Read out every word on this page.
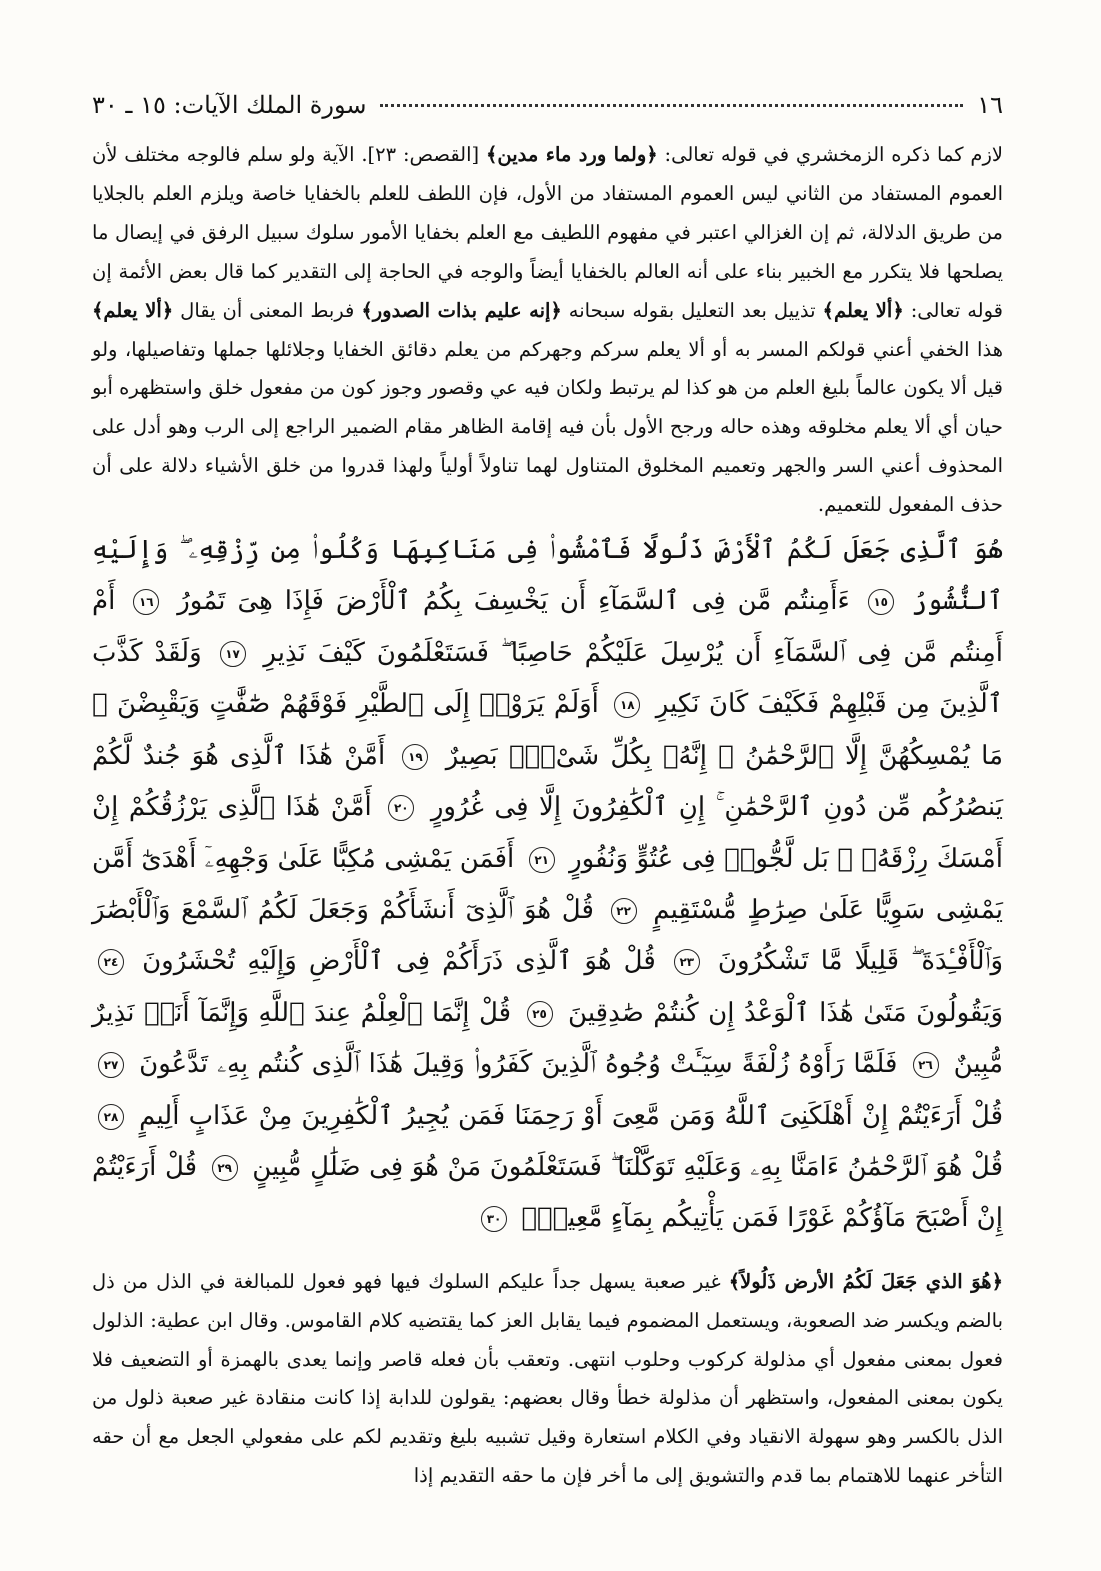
١٦
سورة الملك الآيات: ١٥ ـ ٣٠

لازم كما ذكره الزمخشري في قوله تعالى: ﴿ولما ورد ماء مدين﴾ [القصص: ٢٣]. الآية ولو سلم فالوجه مختلف لأن العموم المستفاد من الثاني ليس العموم المستفاد من الأول، فإن اللطف للعلم بالخفايا خاصة ويلزم العلم بالجلايا من طريق الدلالة، ثم إن الغزالي اعتبر في مفهوم اللطيف مع العلم بخفايا الأمور سلوك سبيل الرفق في إيصال ما يصلحها فلا يتكرر مع الخبير بناء على أنه العالم بالخفايا أيضاً والوجه في الحاجة إلى التقدير كما قال بعض الأئمة إن قوله تعالى: ﴿ألا يعلم﴾ تذييل بعد التعليل بقوله سبحانه ﴿إنه عليم بذات الصدور﴾ فربط المعنى أن يقال ﴿ألا يعلم﴾ هذا الخفي أعني قولكم المسر به أو ألا يعلم سركم وجهركم من يعلم دقائق الخفايا وجلائلها جملها وتفاصيلها، ولو قيل ألا يكون عالماً بليغ العلم من هو كذا لم يرتبط ولكان فيه عي وقصور وجوز كون من مفعول خلق واستظهره أبو حيان أي ألا يعلم مخلوقه وهذه حاله ورجح الأول بأن فيه إقامة الظاهر مقام الضمير الراجع إلى الرب وهو أدل على المحذوف أعني السر والجهر وتعميم المخلوق المتناول لهما تناولاً أولياً ولهذا قدروا من خلق الأشياء دلالة على أن حذف المفعول للتعميم.

هُوَ ٱلَّذِى جَعَلَ لَكُمُ ٱلْأَرْضَ ذَلُولًا فَٱمْشُوا۟ فِى مَنَاكِبِهَا وَكُلُوا۟ مِن رِّزْقِهِۦ ۖ وَإِلَيْهِ ٱلنُّشُورُ ١٥ ءَأَمِنتُم مَّن فِى ٱلسَّمَآءِ أَن يَخْسِفَ بِكُمُ ٱلْأَرْضَ فَإِذَا هِىَ تَمُورُ ١٦ أَمْ أَمِنتُم مَّن فِى ٱلسَّمَآءِ أَن يُرْسِلَ عَلَيْكُمْ حَاصِبًا ۖ فَسَتَعْلَمُونَ كَيْفَ نَذِيرِ ١٧ وَلَقَدْ كَذَّبَ ٱلَّذِينَ مِن قَبْلِهِمْ فَكَيْفَ كَانَ نَكِيرِ ١٨ أَوَلَمْ يَرَوْا۟ إِلَى ٱلطَّيْرِ فَوْقَهُمْ صَٰٓفَّٰتٍ وَيَقْبِضْنَ ۚ مَا يُمْسِكُهُنَّ إِلَّا ٱلرَّحْمَٰنُ ۚ إِنَّهُۥ بِكُلِّ شَىْءٍۭ بَصِيرٌ ١٩ أَمَّنْ هَٰذَا ٱلَّذِى هُوَ جُندٌ لَّكُمْ يَنصُرُكُم مِّن دُونِ ٱلرَّحْمَٰنِ ۚ إِنِ ٱلْكَٰفِرُونَ إِلَّا فِى غُرُورٍ ٢٠ أَمَّنْ هَٰذَا ٱلَّذِى يَرْزُقُكُمْ إِنْ أَمْسَكَ رِزْقَهُۥ ۚ بَل لَّجُّوا۟ فِى عُتُوٍّ وَنُفُورٍ ٢١ أَفَمَن يَمْشِى مُكِبًّا عَلَىٰ وَجْهِهِۦٓ أَهْدَىٰٓ أَمَّن يَمْشِى سَوِيًّا عَلَىٰ صِرَٰطٍ مُّسْتَقِيمٍ ٢٢ قُلْ هُوَ ٱلَّذِىٓ أَنشَأَكُمْ وَجَعَلَ لَكُمُ ٱلسَّمْعَ وَٱلْأَبْصَٰرَ وَٱلْأَفْـِٔدَةَ ۖ قَلِيلًا مَّا تَشْكُرُونَ ٢٣ قُلْ هُوَ ٱلَّذِى ذَرَأَكُمْ فِى ٱلْأَرْضِ وَإِلَيْهِ تُحْشَرُونَ ٢٤ وَيَقُولُونَ مَتَىٰ هَٰذَا ٱلْوَعْدُ إِن كُنتُمْ صَٰدِقِينَ ٢٥ قُلْ إِنَّمَا ٱلْعِلْمُ عِندَ ٱللَّهِ وَإِنَّمَآ أَنَا۠ نَذِيرٌ مُّبِينٌ ٢٦ فَلَمَّا رَأَوْهُ زُلْفَةً سِيٓـَٔتْ وُجُوهُ ٱلَّذِينَ كَفَرُوا۟ وَقِيلَ هَٰذَا ٱلَّذِى كُنتُم بِهِۦ تَدَّعُونَ ٢٧ قُلْ أَرَءَيْتُمْ إِنْ أَهْلَكَنِىَ ٱللَّهُ وَمَن مَّعِىَ أَوْ رَحِمَنَا فَمَن يُجِيرُ ٱلْكَٰفِرِينَ مِنْ عَذَابٍ أَلِيمٍ ٢٨ قُلْ هُوَ ٱلرَّحْمَٰنُ ءَامَنَّا بِهِۦ وَعَلَيْهِ تَوَكَّلْنَا ۖ فَسَتَعْلَمُونَ مَنْ هُوَ فِى ضَلَٰلٍ مُّبِينٍ ٢٩ قُلْ أَرَءَيْتُمْ إِنْ أَصْبَحَ مَآؤُكُمْ غَوْرًا فَمَن يَأْتِيكُم بِمَآءٍ مَّعِينٍۭ ٣٠

﴿هُوَ الذي جَعَلَ لَكُمُ الأرض ذَلُولاً﴾ غير صعبة يسهل جداً عليكم السلوك فيها فهو فعول للمبالغة في الذل من ذل بالضم ويكسر ضد الصعوبة، ويستعمل المضموم فيما يقابل العز كما يقتضيه كلام القاموس. وقال ابن عطية: الذلول فعول بمعنى مفعول أي مذلولة كركوب وحلوب انتهى. وتعقب بأن فعله قاصر وإنما يعدى بالهمزة أو التضعيف فلا يكون بمعنى المفعول، واستظهر أن مذلولة خطأ وقال بعضهم: يقولون للدابة إذا كانت منقادة غير صعبة ذلول من الذل بالكسر وهو سهولة الانقياد وفي الكلام استعارة وقيل تشبيه بليغ وتقديم لكم على مفعولي الجعل مع أن حقه التأخر عنهما للاهتمام بما قدم والتشويق إلى ما أخر فإن ما حقه التقديم إذا
